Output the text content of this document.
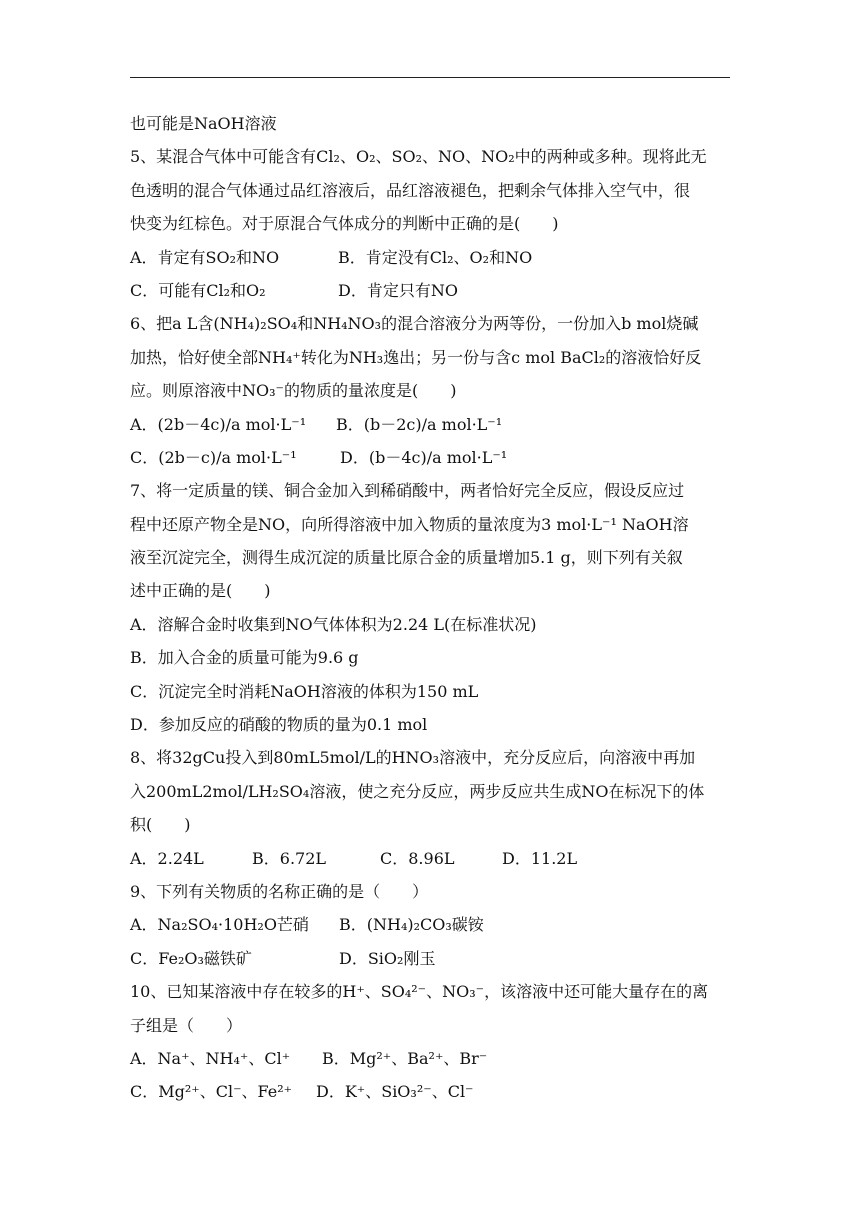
也可能是NaOH溶液
5、某混合气体中可能含有Cl₂、O₂、SO₂、NO、NO₂中的两种或多种。现将此无
色透明的混合气体通过品红溶液后，品红溶液褪色，把剩余气体排入空气中，很
快变为红棕色。对于原混合气体成分的判断中正确的是(　　)
A．肯定有SO₂和NO	B．肯定没有Cl₂、O₂和NO
C．可能有Cl₂和O₂	D．肯定只有NO
6、把a L含(NH₄)₂SO₄和NH₄NO₃的混合溶液分为两等份，一份加入b mol烧碱
加热，恰好使全部NH₄⁺转化为NH₃逸出；另一份与含c mol BaCl₂的溶液恰好反
应。则原溶液中NO₃⁻的物质的量浓度是(　　)
A．(2b－4c)/a mol·L⁻¹	B．(b－2c)/a mol·L⁻¹
C．(2b－c)/a mol·L⁻¹	D．(b－4c)/a mol·L⁻¹
7、将一定质量的镁、铜合金加入到稀硝酸中，两者恰好完全反应，假设反应过
程中还原产物全是NO，向所得溶液中加入物质的量浓度为3 mol·L⁻¹ NaOH溶
液至沉淀完全，测得生成沉淀的质量比原合金的质量增加5.1 g，则下列有关叙
述中正确的是(　　)
A．溶解合金时收集到NO气体体积为2.24 L(在标准状况)
B．加入合金的质量可能为9.6 g
C．沉淀完全时消耗NaOH溶液的体积为150 mL
D．参加反应的硝酸的物质的量为0.1 mol
8、将32gCu投入到80mL5mol/L的HNO₃溶液中，充分反应后，向溶液中再加
入200mL2mol/LH₂SO₄溶液，使之充分反应，两步反应共生成NO在标况下的体
积(　　)
A．2.24L	B．6.72L	C．8.96L	D．11.2L
9、下列有关物质的名称正确的是（　　）
A．Na₂SO₄·10H₂O芒硝	B．(NH₄)₂CO₃碳铵
C．Fe₂O₃磁铁矿	D．SiO₂刚玉
10、已知某溶液中存在较多的H⁺、SO₄²⁻、NO₃⁻，该溶液中还可能大量存在的离
子组是（　　）
A．Na⁺、NH₄⁺、Cl⁺	B．Mg²⁺、Ba²⁺、Br⁻
C．Mg²⁺、Cl⁻、Fe²⁺	D．K⁺、SiO₃²⁻、Cl⁻
